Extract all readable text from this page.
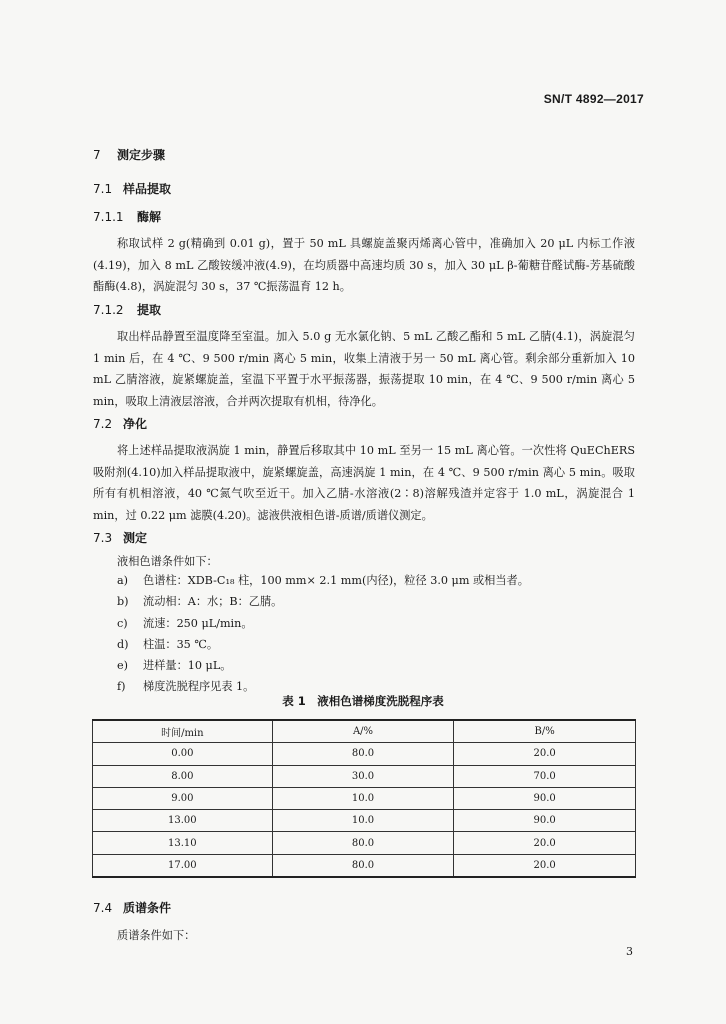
SN/T 4892—2017
7 测定步骤
7.1 样品提取
7.1.1 酶解

称取试样 2 g(精确到 0.01 g)，置于 50 mL 具螺旋盖聚丙烯离心管中，准确加入 20 μL 内标工作液(4.19)，加入 8 mL 乙酸铵缓冲液(4.9)，在均质器中高速均质 30 s，加入 30 μL β-葡糖苷醛试酶-芳基硫酸酯酶(4.8)，涡旋混匀 30 s，37 ℃振荡温育 12 h。

7.1.2 提取

取出样品静置至温度降至室温。加入 5.0 g 无水氯化钠、5 mL 乙酸乙酯和 5 mL 乙腈(4.1)，涡旋混匀 1 min 后，在 4 ℃、9 500 r/min 离心 5 min，收集上清液于另一 50 mL 离心管。剩余部分重新加入 10 mL 乙腈溶液，旋紧螺旋盖，室温下平置于水平振荡器，振荡提取 10 min，在 4 ℃、9 500 r/min 离心 5 min，吸取上清液层溶液，合并两次提取有机相，待净化。

7.2 净化

将上述样品提取液涡旋 1 min，静置后移取其中 10 mL 至另一 15 mL 离心管。一次性将 QuEChERS 吸附剂(4.10)加入样品提取液中，旋紧螺旋盖，高速涡旋 1 min，在 4 ℃、9 500 r/min 离心 5 min。吸取所有有机相溶液，40 ℃氮气吹至近干。加入乙腈-水溶液(2∶8)溶解残渣并定容于 1.0 mL，涡旋混合 1 min，过 0.22 μm 滤膜(4.20)。滤液供液相色谱-质谱/质谱仪测定。

7.3 测定
液相色谱条件如下：
a) 色谱柱：XDB-C₁₈ 柱，100 mm× 2.1 mm(内径)，粒径 3.0 μm 或相当者。
b) 流动相：A：水；B：乙腈。
c) 流速：250 μL/min。
d) 柱温：35 ℃。
e) 进样量：10 μL。
f) 梯度洗脱程序见表 1。
表 1　液相色谱梯度洗脱程序表
时间/min	A/%	B/%
0.00	80.0	20.0
8.00	30.0	70.0
9.00	10.0	90.0
13.00	10.0	90.0
13.10	80.0	20.0
17.00	80.0	20.0
7.4 质谱条件
质谱条件如下：
3
